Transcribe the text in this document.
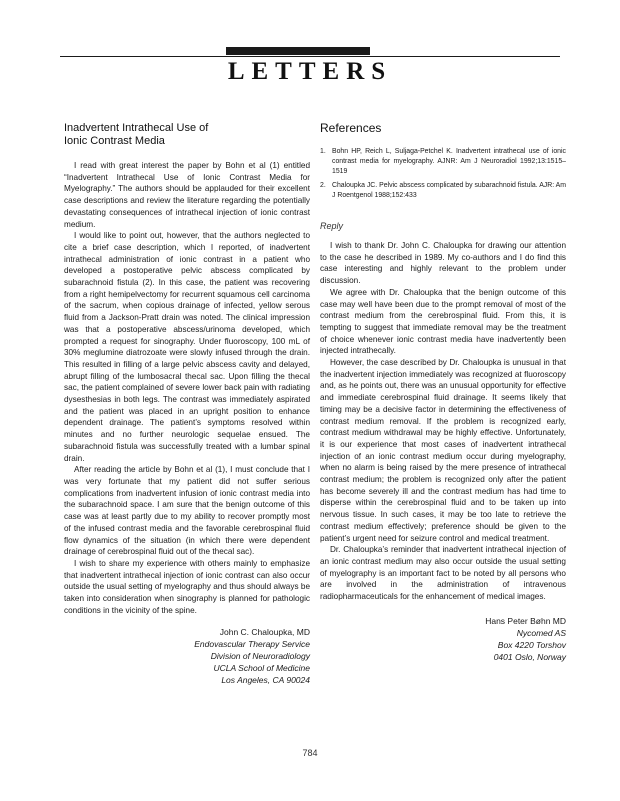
LETTERS
Inadvertent Intrathecal Use of
Ionic Contrast Media

I read with great interest the paper by Bohn et al (1) entitled “Inadvertent Intrathecal Use of Ionic Contrast Media for Myelography.” The authors should be applauded for their excellent case descriptions and review the literature regarding the potentially devastating consequences of intrathecal injection of ionic contrast medium.

I would like to point out, however, that the authors neglected to cite a brief case description, which I reported, of inadvertent intrathecal administration of ionic contrast in a patient who developed a postoperative pelvic abscess complicated by subarachnoid fistula (2). In this case, the patient was recovering from a right hemipelvectomy for recurrent squamous cell carcinoma of the sacrum, when copious drainage of infected, yellow serous fluid from a Jackson-Pratt drain was noted. The clinical impression was that a postoperative abscess/urinoma developed, which prompted a request for sinography. Under fluoroscopy, 100 mL of 30% meglumine diatrozoate were slowly infused through the drain. This resulted in filling of a large pelvic abscess cavity and delayed, abrupt filling of the lumbosacral thecal sac. Upon filling the thecal sac, the patient complained of severe lower back pain with radiating dysesthesias in both legs. The contrast was immediately aspirated and the patient was placed in an upright position to enhance dependent drainage. The patient’s symptoms resolved within minutes and no further neurologic sequelae ensued. The subarachnoid fistula was successfully treated with a lumbar spinal drain.

After reading the article by Bohn et al (1), I must conclude that I was very fortunate that my patient did not suffer serious complications from inadvertent infusion of ionic contrast media into the subarachnoid space. I am sure that the benign outcome of this case was at least partly due to my ability to recover promptly most of the infused contrast media and the favorable cerebrospinal fluid flow dynamics of the situation (in which there were dependent drainage of cerebrospinal fluid out of the thecal sac).

I wish to share my experience with others mainly to emphasize that inadvertent intrathecal injection of ionic contrast can also occur outside the usual setting of myelography and thus should always be taken into consideration when sinography is planned for pathologic conditions in the vicinity of the spine.

John C. Chaloupka, MD
Endovascular Therapy Service
Division of Neuroradiology
UCLA School of Medicine
Los Angeles, CA 90024
References
1. Bohn HP, Reich L, Suljaga-Petchel K. Inadvertent intrathecal use of ionic contrast media for myelography. AJNR: Am J Neuroradiol 1992;13:1515–1519
2. Chaloupka JC. Pelvic abscess complicated by subarachnoid fistula. AJR: Am J Roentgenol 1988;152:433
Reply

I wish to thank Dr. John C. Chaloupka for drawing our attention to the case he described in 1989. My co-authors and I do find this case interesting and highly relevant to the problem under discussion.

We agree with Dr. Chaloupka that the benign outcome of this case may well have been due to the prompt removal of most of the contrast medium from the cerebrospinal fluid. From this, it is tempting to suggest that immediate removal may be the treatment of choice whenever ionic contrast media have inadvertently been injected intrathecally.

However, the case described by Dr. Chaloupka is unusual in that the inadvertent injection immediately was recognized at fluoroscopy and, as he points out, there was an unusual opportunity for effective and immediate cerebrospinal fluid drainage. It seems likely that timing may be a decisive factor in determining the effectiveness of contrast medium removal. If the problem is recognized early, contrast medium withdrawal may be highly effective. Unfortunately, it is our experience that most cases of inadvertent intrathecal injection of an ionic contrast medium occur during myelography, when no alarm is being raised by the mere presence of intrathecal contrast medium; the problem is recognized only after the patient has become severely ill and the contrast medium has had time to disperse within the cerebrospinal fluid and to be taken up into nervous tissue. In such cases, it may be too late to retrieve the contrast medium effectively; preference should be given to the patient’s urgent need for seizure control and medical treatment.

Dr. Chaloupka’s reminder that inadvertent intrathecal injection of an ionic contrast medium may also occur outside the usual setting of myelography is an important fact to be noted by all persons who are involved in the administration of intravenous radiopharmaceuticals for the enhancement of medical images.

Hans Peter Bøhn MD
Nycomed AS
Box 4220 Torshov
0401 Oslo, Norway
784
